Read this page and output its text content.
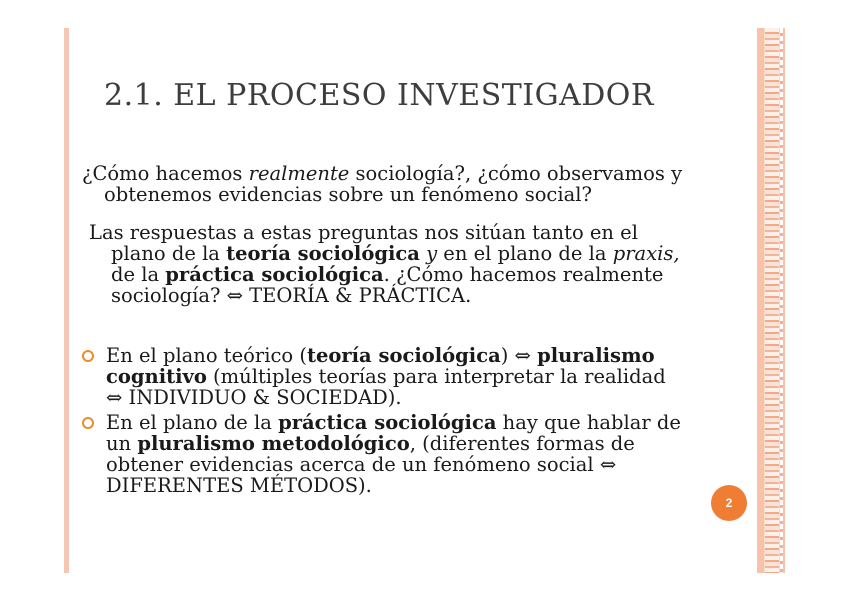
2.1. EL PROCESO INVESTIGADOR

¿Cómo hacemos realmente sociología?, ¿cómo observamos y
obtenemos evidencias sobre un fenómeno social?

Las respuestas a estas preguntas nos sitúan tanto en el
plano de la teoría sociológica y en el plano de la praxis,
de la práctica sociológica. ¿Cómo hacemos realmente
sociología? ⇔ TEORÍA & PRÁCTICA.

En el plano teórico (teoría sociológica) ⇔ pluralismo
cognitivo (múltiples teorías para interpretar la realidad
⇔ INDIVIDUO & SOCIEDAD).
En el plano de la práctica sociológica hay que hablar de
un pluralismo metodológico, (diferentes formas de
obtener evidencias acerca de un fenómeno social ⇔
DIFERENTES MÉTODOS).
2
